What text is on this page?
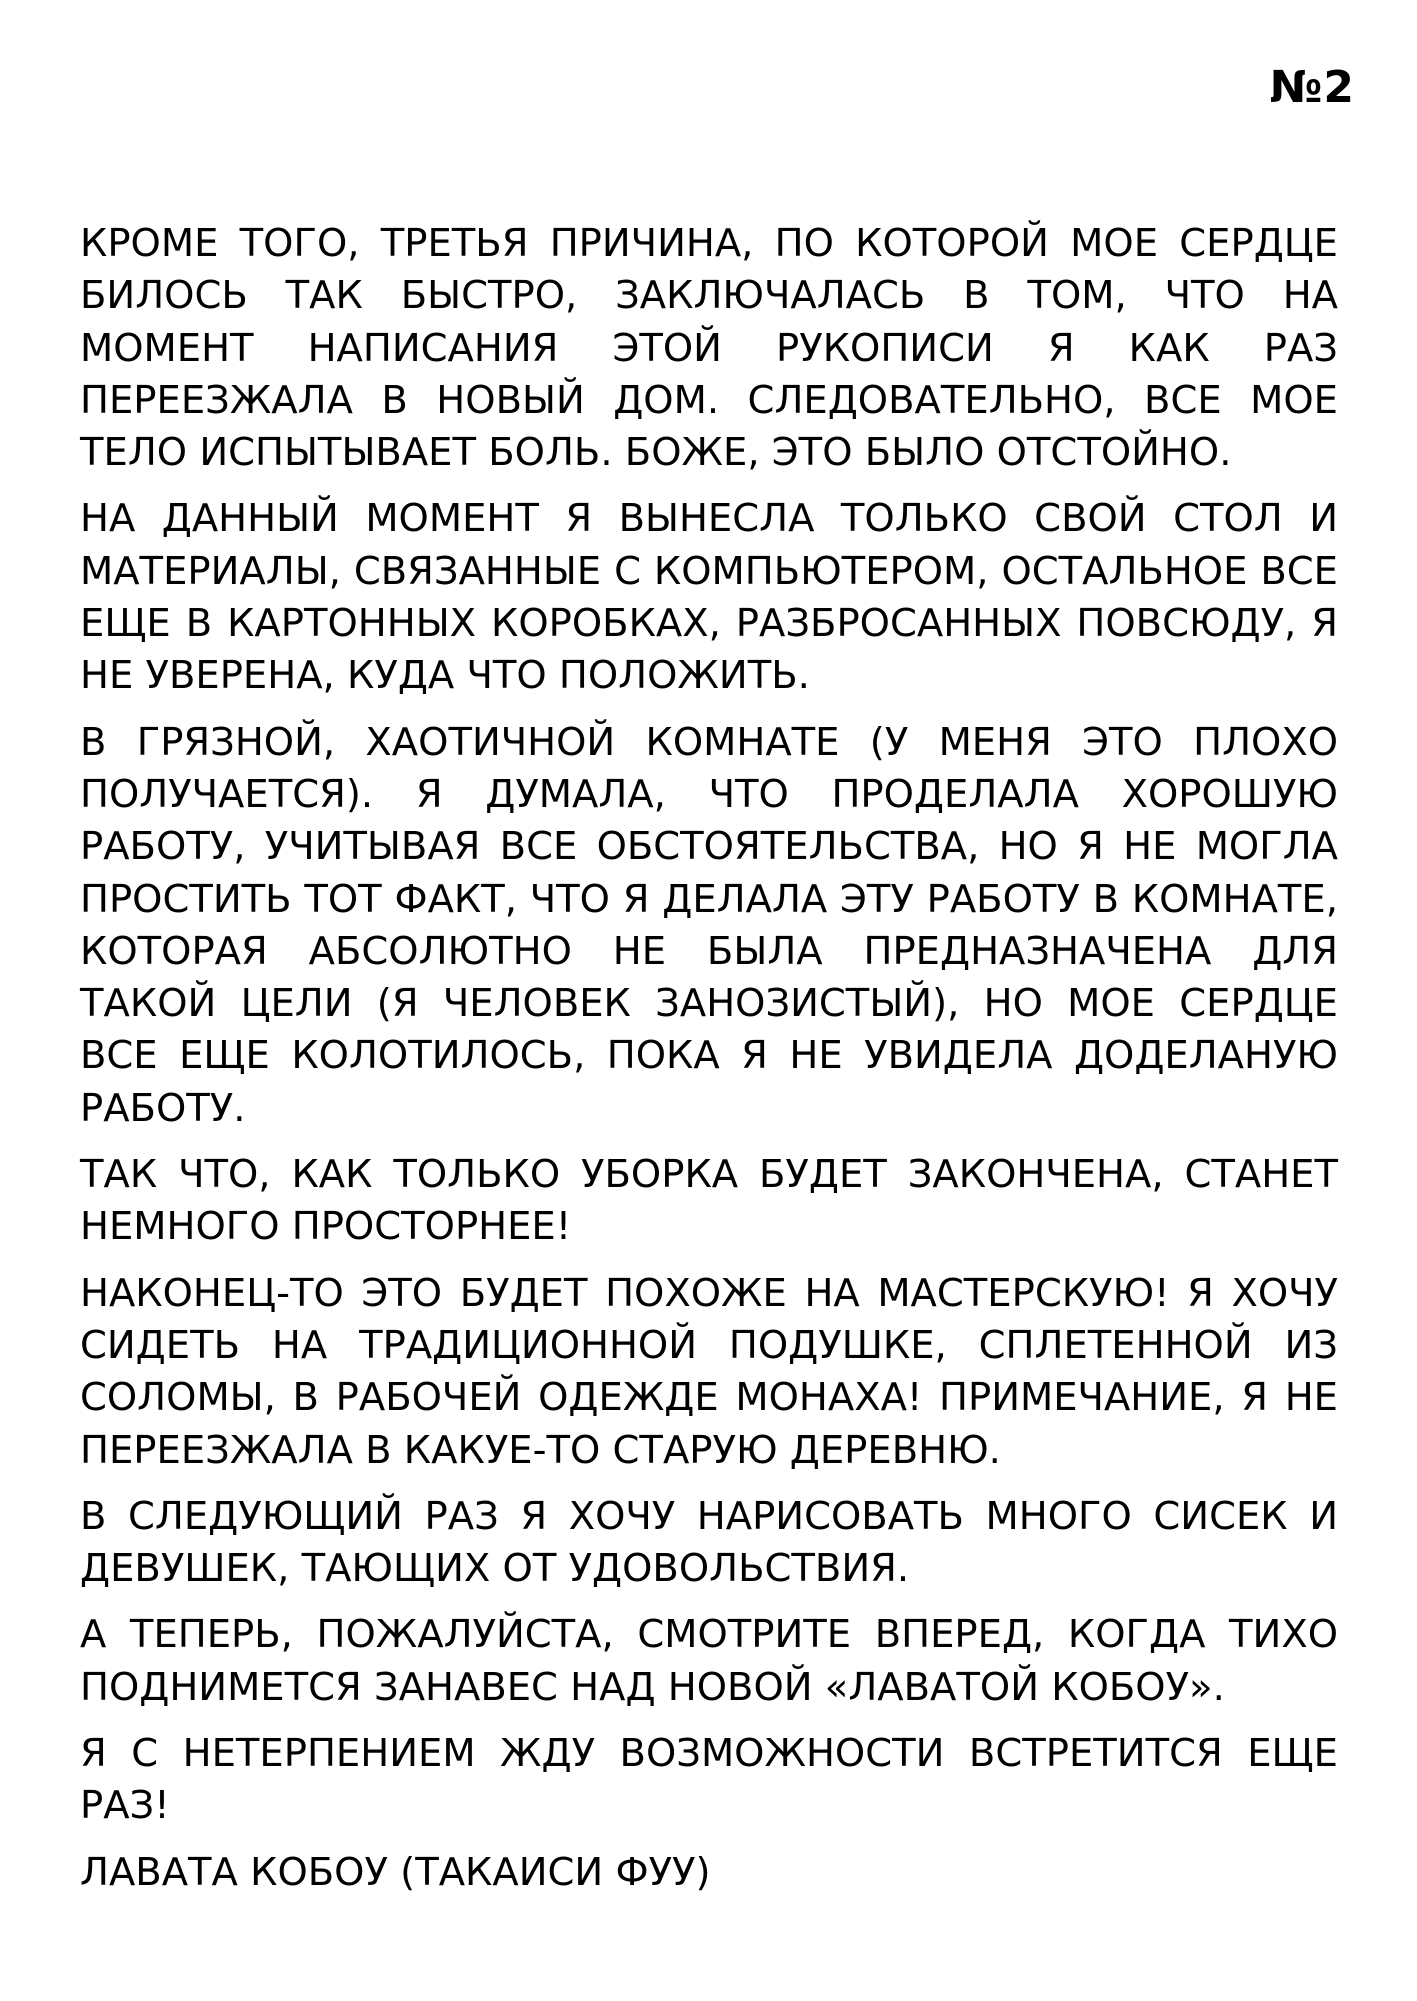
№2

КРОМЕ ТОГО, ТРЕТЬЯ ПРИЧИНА, ПО КОТОРОЙ МОЕ СЕРДЦЕ БИЛОСЬ ТАК БЫСТРО, ЗАКЛЮЧАЛАСЬ В ТОМ, ЧТО НА МОМЕНТ НАПИСАНИЯ ЭТОЙ РУКОПИСИ Я КАК РАЗ ПЕРЕЕЗЖАЛА В НОВЫЙ ДОМ. СЛЕДОВАТЕЛЬНО, ВСЕ МОЕ ТЕЛО ИСПЫТЫВАЕТ БОЛЬ. БОЖЕ, ЭТО БЫЛО ОТСТОЙНО.

НА ДАННЫЙ МОМЕНТ Я ВЫНЕСЛА ТОЛЬКО СВОЙ СТОЛ И МАТЕРИАЛЫ, СВЯЗАННЫЕ С КОМПЬЮТЕРОМ, ОСТАЛЬНОЕ ВСЕ ЕЩЕ В КАРТОННЫХ КОРОБКАХ, РАЗБРОСАННЫХ ПОВСЮДУ, Я НЕ УВЕРЕНА, КУДА ЧТО ПОЛОЖИТЬ.

В ГРЯЗНОЙ, ХАОТИЧНОЙ КОМНАТЕ (У МЕНЯ ЭТО ПЛОХО ПОЛУЧАЕТСЯ). Я ДУМАЛА, ЧТО ПРОДЕЛАЛА ХОРОШУЮ РАБОТУ, УЧИТЫВАЯ ВСЕ ОБСТОЯТЕЛЬСТВА, НО Я НЕ МОГЛА ПРОСТИТЬ ТОТ ФАКТ, ЧТО Я ДЕЛАЛА ЭТУ РАБОТУ В КОМНАТЕ, КОТОРАЯ АБСОЛЮТНО НЕ БЫЛА ПРЕДНАЗНАЧЕНА ДЛЯ ТАКОЙ ЦЕЛИ (Я ЧЕЛОВЕК ЗАНОЗИСТЫЙ), НО МОЕ СЕРДЦЕ ВСЕ ЕЩЕ КОЛОТИЛОСЬ, ПОКА Я НЕ УВИДЕЛА ДОДЕЛАНУЮ РАБОТУ.

ТАК ЧТО, КАК ТОЛЬКО УБОРКА БУДЕТ ЗАКОНЧЕНА, СТАНЕТ НЕМНОГО ПРОСТОРНЕЕ!

НАКОНЕЦ-ТО ЭТО БУДЕТ ПОХОЖЕ НА МАСТЕРСКУЮ! Я ХОЧУ СИДЕТЬ НА ТРАДИЦИОННОЙ ПОДУШКЕ, СПЛЕТЕННОЙ ИЗ СОЛОМЫ, В РАБОЧЕЙ ОДЕЖДЕ МОНАХА! ПРИМЕЧАНИЕ, Я НЕ ПЕРЕЕЗЖАЛА В КАКУЕ-ТО СТАРУЮ ДЕРЕВНЮ.

В СЛЕДУЮЩИЙ РАЗ Я ХОЧУ НАРИСОВАТЬ МНОГО СИСЕК И ДЕВУШЕК, ТАЮЩИХ ОТ УДОВОЛЬСТВИЯ.

А ТЕПЕРЬ, ПОЖАЛУЙСТА, СМОТРИТЕ ВПЕРЕД, КОГДА ТИХО ПОДНИМЕТСЯ ЗАНАВЕС НАД НОВОЙ «ЛАВАТОЙ КОБОУ».

Я С НЕТЕРПЕНИЕМ ЖДУ ВОЗМОЖНОСТИ ВСТРЕТИТСЯ ЕЩЕ РАЗ!

ЛАВАТА КОБОУ (ТАКАИСИ ФУУ)
